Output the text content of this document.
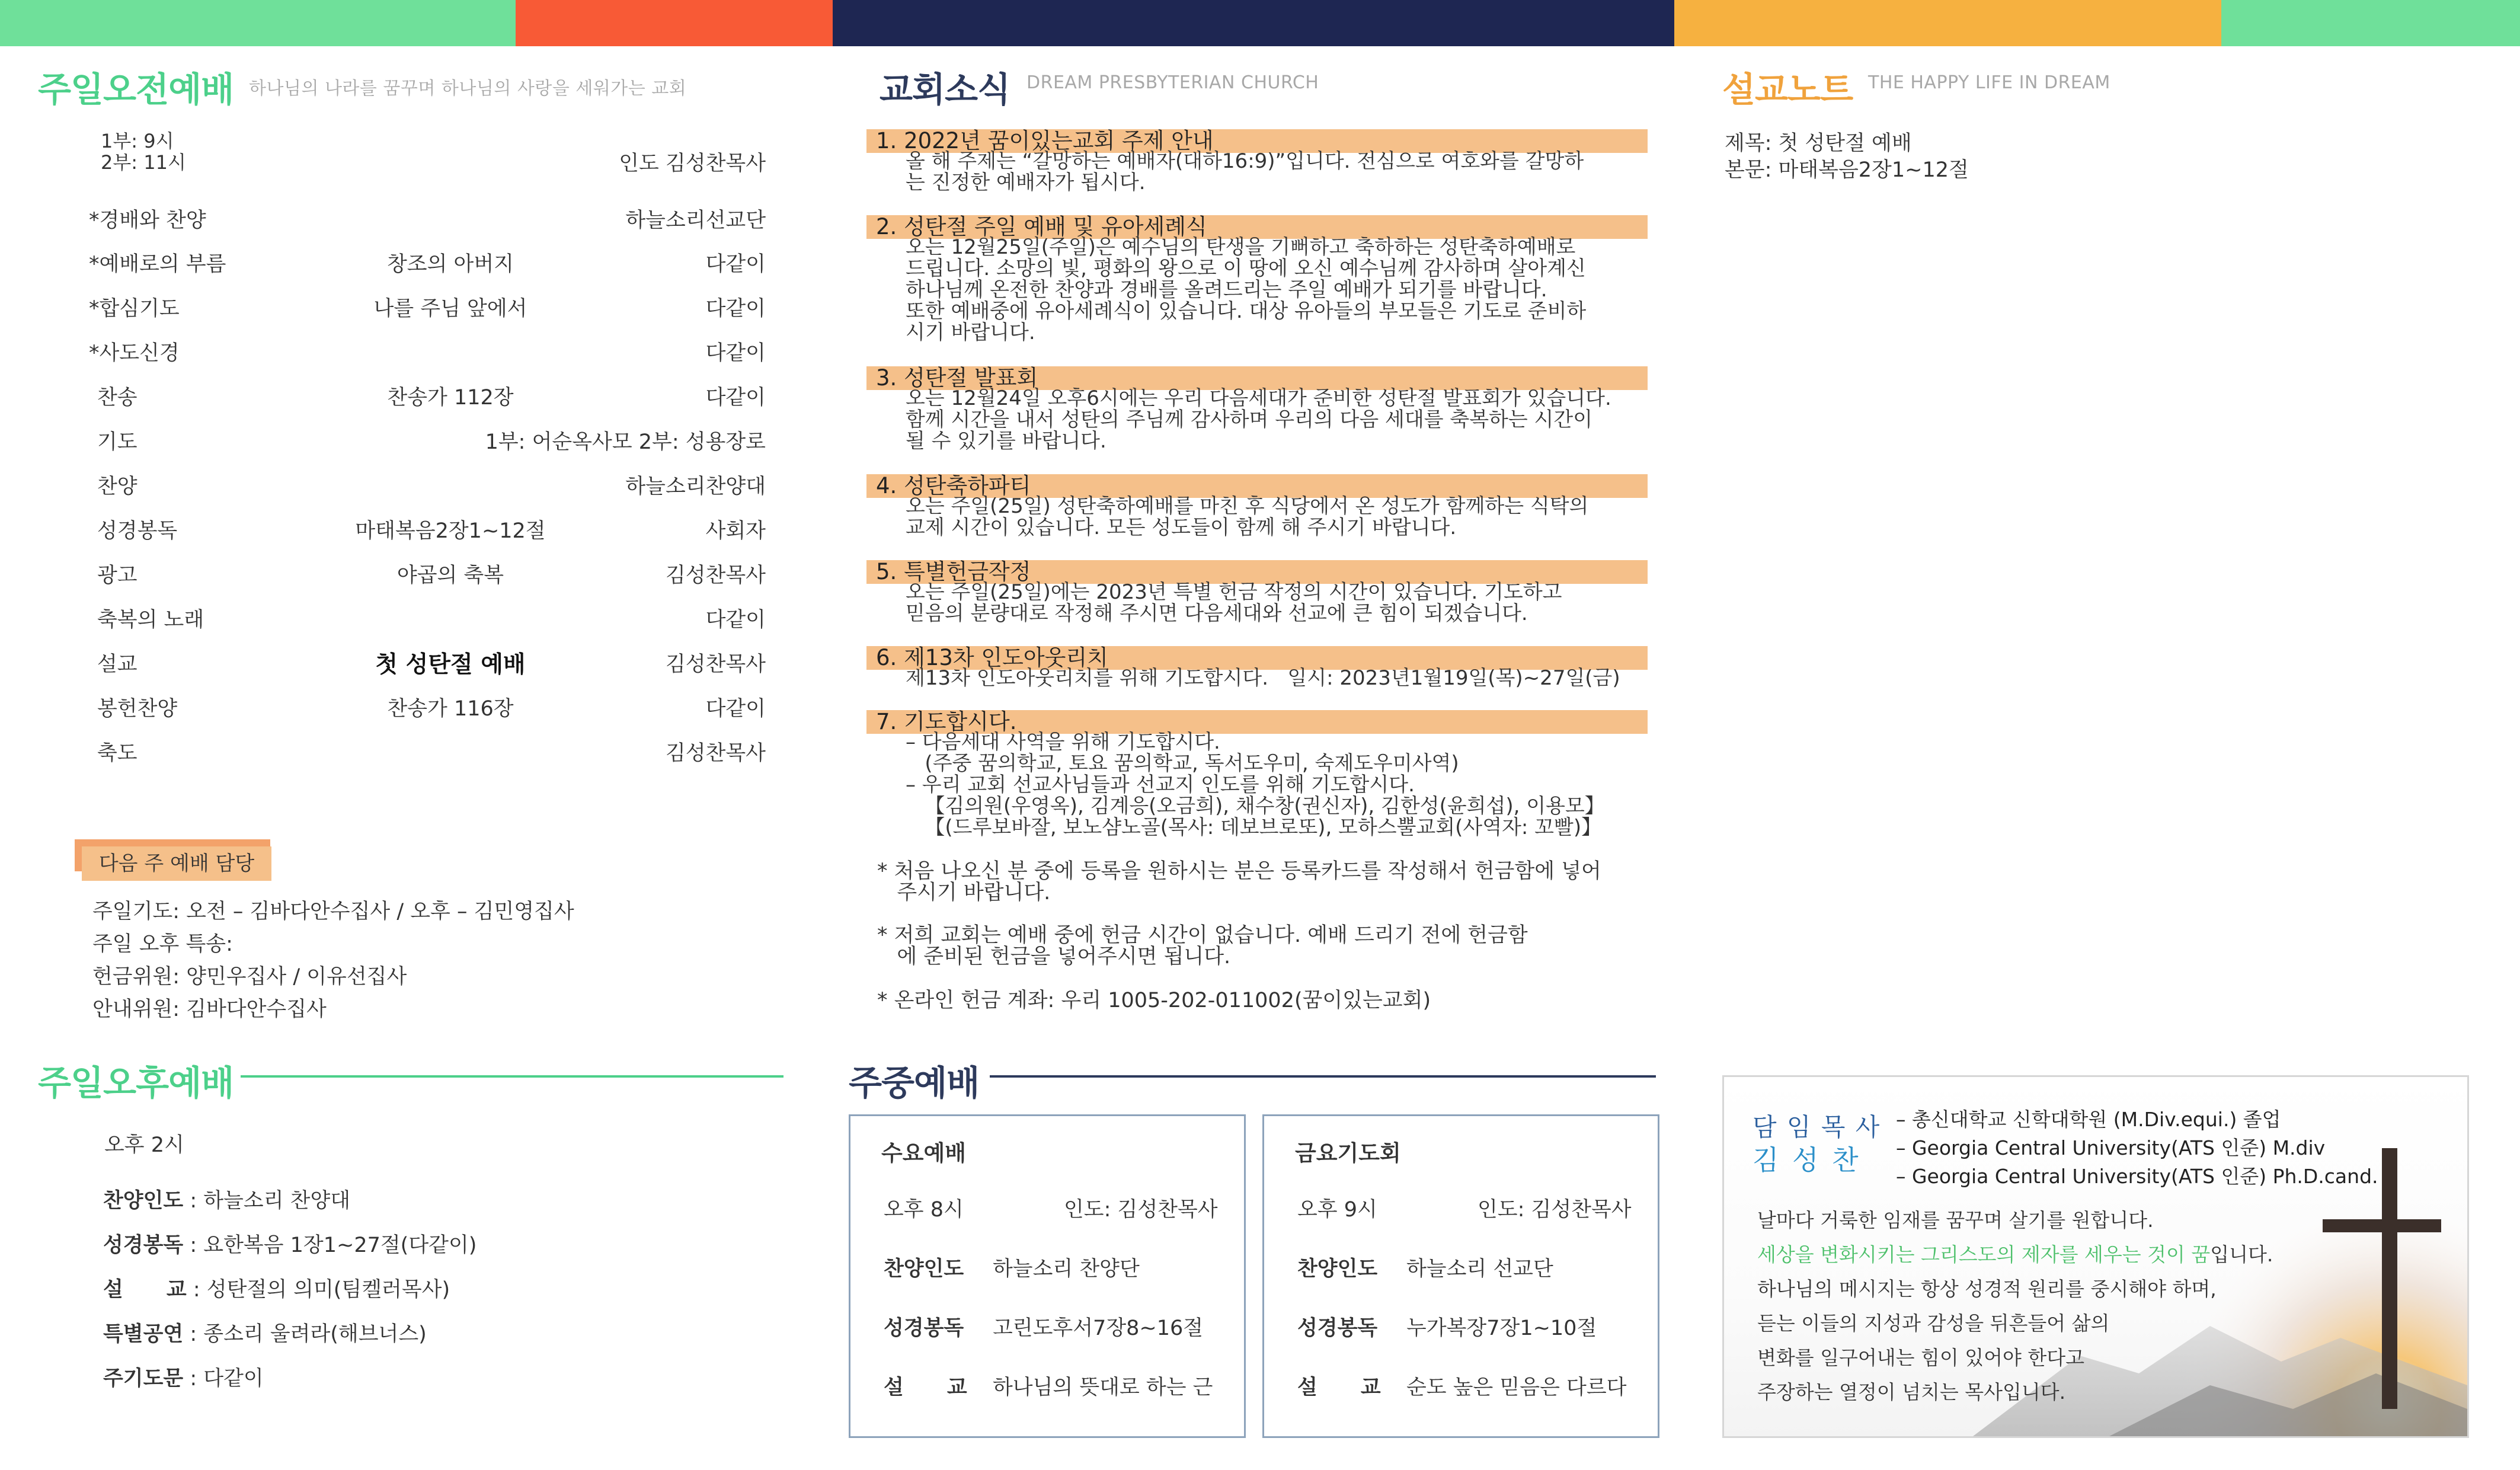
주일오전예배 하나님의 나라를 꿈꾸며 하나님의 사랑을 세워가는 교회
1부: 9시
2부: 11시	인도 김성찬목사
*경배와 찬양	하늘소리선교단
*예배로의 부름	창조의 아버지	다같이
*합심기도	나를 주님 앞에서	다같이
*사도신경	다같이
찬송	찬송가 112장	다같이
기도	1부: 어순옥사모 2부: 성용장로
찬양	하늘소리찬양대
성경봉독	마태복음2장1~12절	사회자
광고	야곱의 축복	김성찬목사
축복의 노래	다같이
설교	첫 성탄절 예배	김성찬목사
봉헌찬양	찬송가 116장	다같이
축도	김성찬목사
다음 주 예배 담당
주일기도: 오전 – 김바다안수집사 / 오후 – 김민영집사
주일 오후 특송:
헌금위원: 양민우집사 / 이유선집사
안내위원: 김바다안수집사
주일오후예배
오후 2시
찬양인도 : 하늘소리 찬양대
성경봉독 : 요한복음 1장1~27절(다같이)
설      교 : 성탄절의 의미(팀켈러목사)
특별공연 : 종소리 울려라(해브너스)
주기도문 : 다같이
교회소식 DREAM PRESBYTERIAN CHURCH
1. 2022년 꿈이있는교회 주제 안내
올 해 주제는 “갈망하는 예배자(대하16:9)”입니다. 전심으로 여호와를 갈망하
는 진정한 예배자가 됩시다.
2. 성탄절 주일 예배 및 유아세례식
오는 12월25일(주일)은 예수님의 탄생을 기뻐하고 축하하는 성탄축하예배로
드립니다. 소망의 빛, 평화의 왕으로 이 땅에 오신 예수님께 감사하며 살아계신
하나님께 온전한 찬양과 경배를 올려드리는 주일 예배가 되기를 바랍니다.
또한 예배중에 유아세례식이 있습니다. 대상 유아들의 부모들은 기도로 준비하
시기 바랍니다.
3. 성탄절 발표회
오는 12월24일 오후6시에는 우리 다음세대가 준비한 성탄절 발표회가 있습니다.
함께 시간을 내서 성탄의 주님께 감사하며 우리의 다음 세대를 축복하는 시간이
될 수 있기를 바랍니다.
4. 성탄축하파티
오는 주일(25일) 성탄축하예배를 마친 후 식당에서 온 성도가 함께하는 식탁의
교제 시간이 있습니다. 모든 성도들이 함께 해 주시기 바랍니다.
5. 특별헌금작정
오는 주일(25일)에는 2023년 특별 헌금 작정의 시간이 있습니다. 기도하고
믿음의 분량대로 작정해 주시면 다음세대와 선교에 큰 힘이 되겠습니다.
6. 제13차 인도아웃리치
제13차 인도아웃리치를 위해 기도합시다.   일시: 2023년1월19일(목)~27일(금)
7. 기도합시다.
– 다음세대 사역을 위해 기도합시다.
(주중 꿈의학교, 토요 꿈의학교, 독서도우미, 숙제도우미사역)
– 우리 교회 선교사님들과 선교지 인도를 위해 기도합시다.
【김의원(우영옥), 김계응(오금희), 채수창(권신자), 김한성(윤희섭), 이용모】
【(드루보바잘, 보노샴노골(목사: 데보브로또), 모하스뿔교회(사역자: 꼬빨)】
* 처음 나오신 분 중에 등록을 원하시는 분은 등록카드를 작성해서 헌금함에 넣어
주시기 바랍니다.
* 저희 교회는 예배 중에 헌금 시간이 없습니다. 예배 드리기 전에 헌금함
에 준비된 헌금을 넣어주시면 됩니다.
* 온라인 헌금 계좌: 우리 1005-202-011002(꿈이있는교회)
주중예배
수요예배
오후 8시	인도: 김성찬목사
찬양인도 하늘소리 찬양단
성경봉독 고린도후서7장8~16절
설      교 하나님의 뜻대로 하는 근
금요기도회
오후 9시	인도: 김성찬목사
찬양인도 하늘소리 선교단
성경봉독 누가복장7장1~10절
설      교 순도 높은 믿음은 다르다
설교노트 THE HAPPY LIFE IN DREAM
제목: 첫 성탄절 예배
본문: 마태복음2장1~12절
담 임 목 사
김 성 찬
– 총신대학교 신학대학원 (M.Div.equi.) 졸업
– Georgia Central University(ATS 인준) M.div
– Georgia Central University(ATS 인준) Ph.D.cand.
날마다 거룩한 임재를 꿈꾸며 살기를 원합니다.
세상을 변화시키는 그리스도의 제자를 세우는 것이 꿈입니다.
하나님의 메시지는 항상 성경적 원리를 중시해야 하며,
듣는 이들의 지성과 감성을 뒤흔들어 삶의
변화를 일구어내는 힘이 있어야 한다고
주장하는 열정이 넘치는 목사입니다.
